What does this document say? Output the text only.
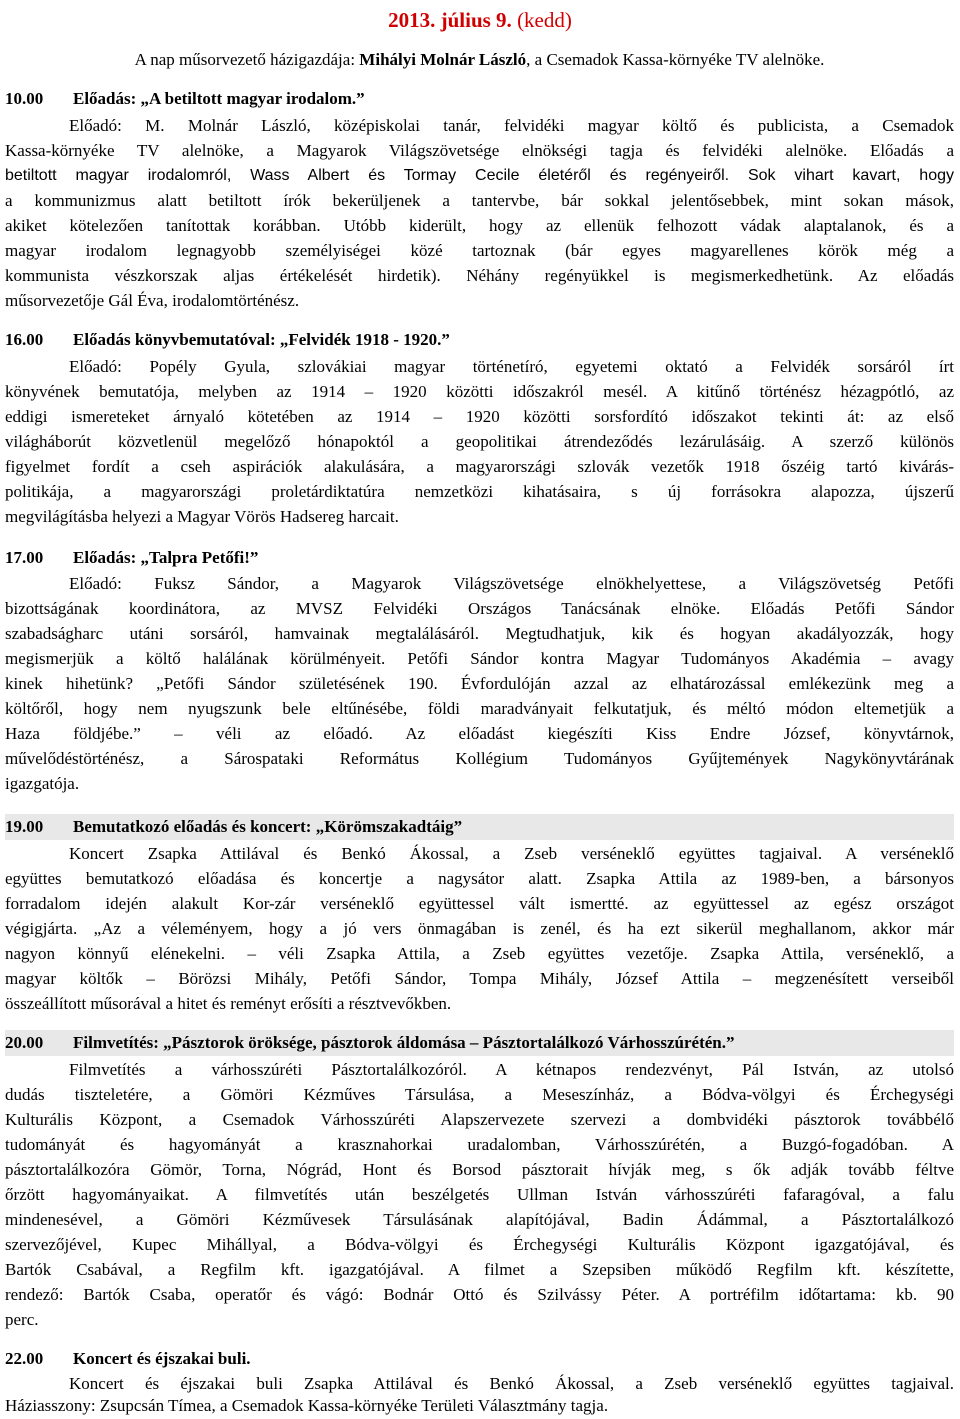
2013. július 9. (kedd)
A nap műsorvezető házigazdája: Mihályi Molnár László, a Csemadok Kassa-környéke TV alelnöke.
10.00 Előadás: „A betiltott magyar irodalom.”
Előadó: M. Molnár László, középiskolai tanár, felvidéki magyar költő és publicista, a Csemadok
Kassa-környéke TV alelnöke, a Magyarok Világszövetsége elnökségi tagja és felvidéki alelnöke. Előadás a
betiltott magyar irodalomról, Wass Albert és Tormay Cecile életéről és regényeiről. Sok vihart kavart, hogy
a kommunizmus alatt betiltott írók bekerüljenek a tantervbe, bár sokkal jelentősebbek, mint sokan mások,
akiket kötelezően tanítottak korábban. Utóbb kiderült, hogy az ellenük felhozott vádak alaptalanok, és a
magyar irodalom legnagyobb személyiségei közé tartoznak (bár egyes magyarellenes körök még a
kommunista vészkorszak aljas értékelését hirdetik). Néhány regényükkel is megismerkedhetünk. Az előadás
műsorvezetője Gál Éva, irodalomtörténész.
16.00 Előadás könyvbemutatóval: „Felvidék 1918 - 1920.”
Előadó: Popély Gyula, szlovákiai magyar történetíró, egyetemi oktató a Felvidék sorsáról írt
könyvének bemutatója, melyben az 1914 – 1920 közötti időszakról mesél. A kitűnő történész hézagpótló, az
eddigi ismereteket árnyaló kötetében az 1914 – 1920 közötti sorsfordító időszakot tekinti át: az első
világháborút közvetlenül megelőző hónapoktól a geopolitikai átrendeződés lezárulásáig. A szerző különös
figyelmet fordít a cseh aspirációk alakulására, a magyarországi szlovák vezetők 1918 őszéig tartó kivárás-
politikája, a magyarországi proletárdiktatúra nemzetközi kihatásaira, s új forrásokra alapozza, újszerű
megvilágításba helyezi a Magyar Vörös Hadsereg harcait.
17.00 Előadás: „Talpra Petőfi!”
Előadó: Fuksz Sándor, a Magyarok Világszövetsége elnökhelyettese, a Világszövetség Petőfi
bizottságának koordinátora, az MVSZ Felvidéki Országos Tanácsának elnöke. Előadás Petőfi Sándor
szabadságharc utáni sorsáról, hamvainak megtalálásáról. Megtudhatjuk, kik és hogyan akadályozzák, hogy
megismerjük a költő halálának körülményeit. Petőfi Sándor kontra Magyar Tudományos Akadémia – avagy
kinek hihetünk? „Petőfi Sándor születésének 190. Évfordulóján azzal az elhatározással emlékezünk meg a
költőről, hogy nem nyugszunk bele eltűnésébe, földi maradványait felkutatjuk, és méltó módon eltemetjük a
Haza földjébe.” – véli az előadó. Az előadást kiegészíti Kiss Endre József, könyvtárnok,
művelődéstörténész, a Sárospataki Református Kollégium Tudományos Gyűjtemények Nagykönyvtárának
igazgatója.
19.00 Bemutatkozó előadás és koncert: „Körömszakadtáig”
Koncert Zsapka Attilával és Benkó Ákossal, a Zseb verséneklő együttes tagjaival. A verséneklő
együttes bemutatkozó előadása és koncertje a nagysátor alatt. Zsapka Attila az 1989-ben, a bársonyos
forradalom idején alakult Kor-zár verséneklő együttessel vált ismertté. az együttessel az egész országot
végigjárta. „Az a véleményem, hogy a jó vers önmagában is zenél, és ha ezt sikerül meghallanom, akkor már
nagyon könnyű elénekelni. – véli Zsapka Attila, a Zseb együttes vezetője. Zsapka Attila, verséneklő, a
magyar költők – Börözsi Mihály, Petőfi Sándor, Tompa Mihály, József Attila – megzenésített verseiből
összeállított műsorával a hitet és reményt erősíti a résztvevőkben.
20.00 Filmvetítés: „Pásztorok öröksége, pásztorok áldomása – Pásztortalálkozó Várhosszúrétén.”
Filmvetítés a várhosszúréti Pásztortalálkozóról. A kétnapos rendezvényt, Pál István, az utolsó
dudás tiszteletére, a Gömöri Kézműves Társulása, a Meseszínház, a Bódva-völgyi és Érchegységi
Kulturális Központ, a Csemadok Várhosszúréti Alapszervezete szervezi a dombvidéki pásztorok továbbélő
tudományát és hagyományát a krasznahorkai uradalomban, Várhosszúrétén, a Buzgó-fogadóban. A
pásztortalálkozóra Gömör, Torna, Nógrád, Hont és Borsod pásztorait hívják meg, s ők adják tovább féltve
őrzött hagyományaikat. A filmvetítés után beszélgetés Ullman István várhosszúréti fafaragóval, a falu
mindenesével, a Gömöri Kézművesek Társulásának alapítójával, Badin Ádámmal, a Pásztortalálkozó
szervezőjével, Kupec Mihállyal, a Bódva-völgyi és Érchegységi Kulturális Központ igazgatójával, és
Bartók Csabával, a Regfilm kft. igazgatójával. A filmet a Szepsiben működő Regfilm kft. készítette,
rendező: Bartók Csaba, operatőr és vágó: Bodnár Ottó és Szilvássy Péter. A portréfilm időtartama: kb. 90
perc.
22.00 Koncert és éjszakai buli.
Koncert és éjszakai buli Zsapka Attilával és Benkó Ákossal, a Zseb verséneklő együttes tagjaival.
Háziasszony: Zsupcsán Tímea, a Csemadok Kassa-környéke Területi Választmány tagja.
